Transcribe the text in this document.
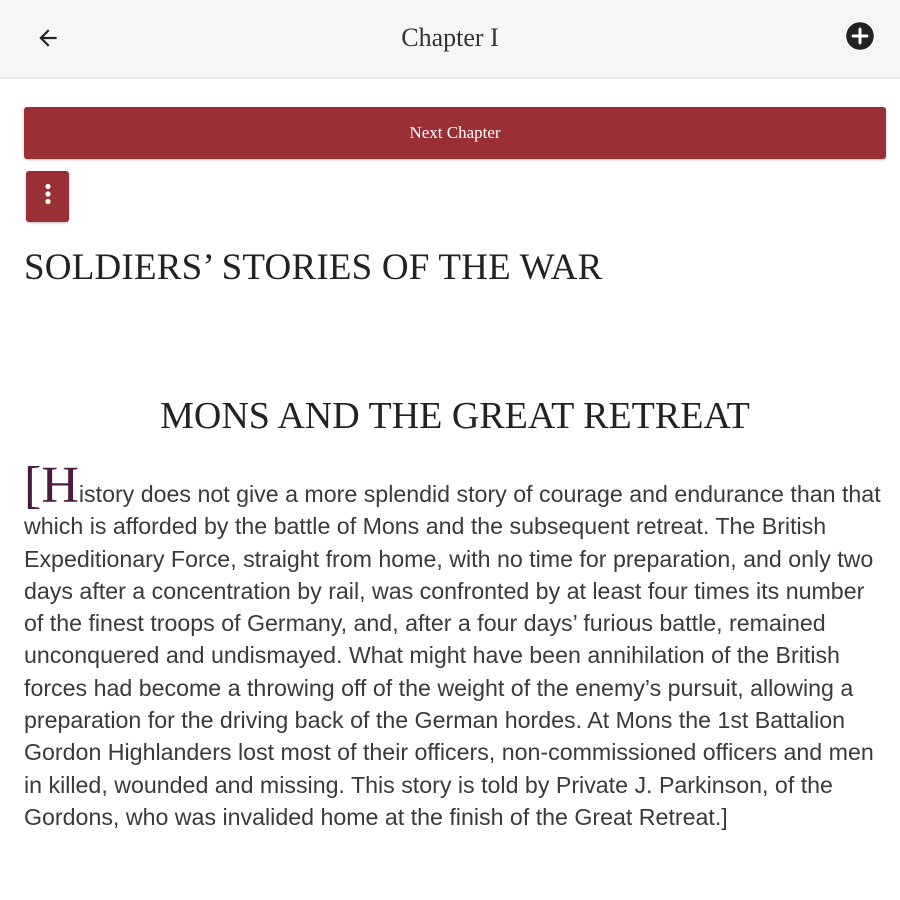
Chapter I
Next Chapter
SOLDIERS’ STORIES OF THE WAR
MONS AND THE GREAT RETREAT

[History does not give a more splendid story of courage and endurance than that which is afforded by the battle of Mons and the subsequent retreat. The British Expeditionary Force, straight from home, with no time for preparation, and only two days after a concentration by rail, was confronted by at least four times its number of the finest troops of Germany, and, after a four days’ furious battle, remained unconquered and undismayed. What might have been annihilation of the British forces had become a throwing off of the weight of the enemy’s pursuit, allowing a preparation for the driving back of the German hordes. At Mons the 1st Battalion Gordon Highlanders lost most of their officers, non-commissioned officers and men in killed, wounded and missing. This story is told by Private J. Parkinson, of the Gordons, who was invalided home at the finish of the Great Retreat.]
